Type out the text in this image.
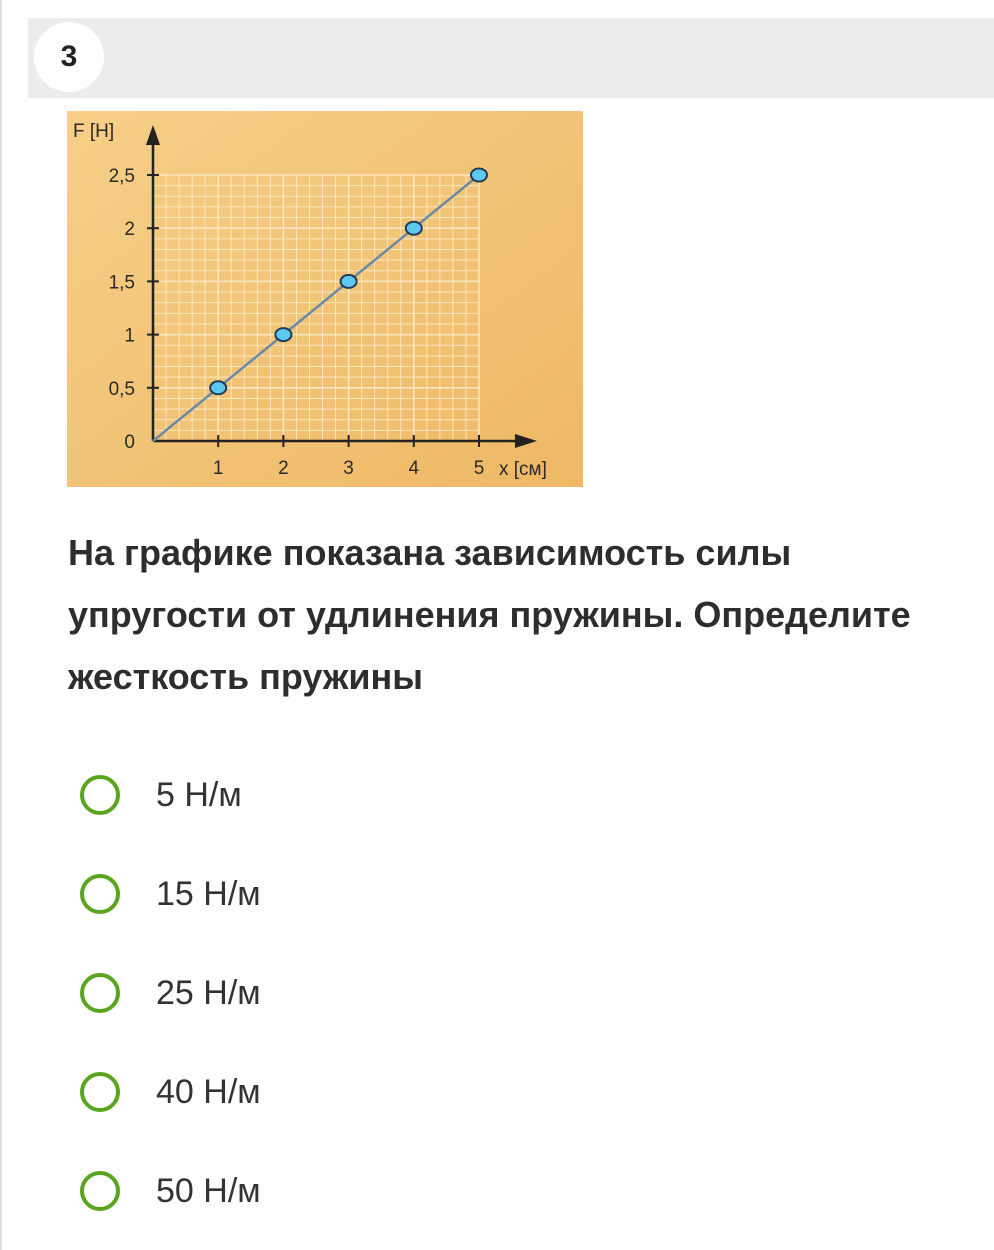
3
1	2	3	4	5
0
0,5
1
1,5
2
2,5
F [Н]
x [см]

На графике показана зависимость силы упругости от удлинения пружины. Определите жесткость пружины

5 Н/м
15 Н/м
25 Н/м
40 Н/м
50 Н/м
